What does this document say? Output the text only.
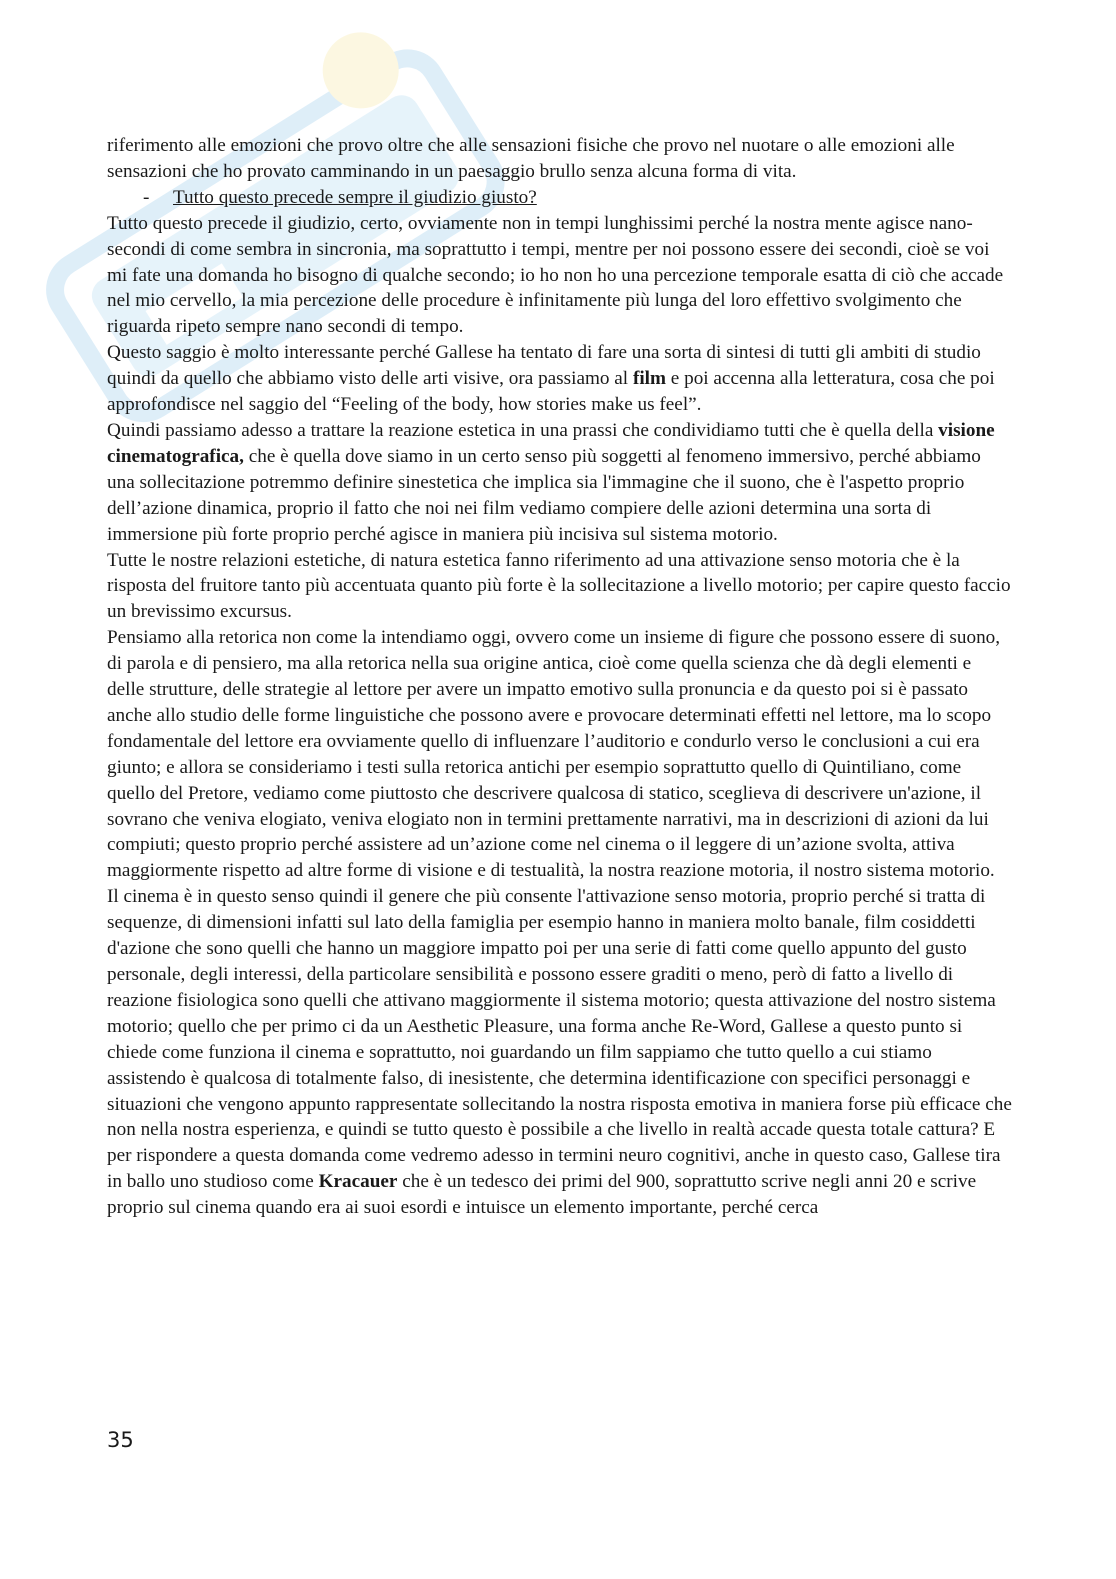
riferimento alle emozioni che provo oltre che alle sensazioni fisiche che provo nel nuotare o alle emozioni alle sensazioni che ho provato camminando in un paesaggio brullo senza alcuna forma di vita.

- Tutto questo precede sempre il giudizio giusto?

Tutto questo precede il giudizio, certo, ovviamente non in tempi lunghissimi perché la nostra mente agisce nano-secondi di come sembra in sincronia, ma soprattutto i tempi, mentre per noi possono essere dei secondi, cioè se voi mi fate una domanda ho bisogno di qualche secondo; io ho non ho una percezione temporale esatta di ciò che accade nel mio cervello, la mia percezione delle procedure è infinitamente più lunga del loro effettivo svolgimento che riguarda ripeto sempre nano secondi di tempo.

Questo saggio è molto interessante perché Gallese ha tentato di fare una sorta di sintesi di tutti gli ambiti di studio quindi da quello che abbiamo visto delle arti visive, ora passiamo al film e poi accenna alla letteratura, cosa che poi approfondisce nel saggio del “Feeling of the body, how stories make us feel”.

Quindi passiamo adesso a trattare la reazione estetica in una prassi che condividiamo tutti che è quella della visione cinematografica, che è quella dove siamo in un certo senso più soggetti al fenomeno immersivo, perché abbiamo una sollecitazione potremmo definire sinestetica che implica sia l'immagine che il suono, che è l'aspetto proprio dell’azione dinamica, proprio il fatto che noi nei film vediamo compiere delle azioni determina una sorta di immersione più forte proprio perché agisce in maniera più incisiva sul sistema motorio.

Tutte le nostre relazioni estetiche, di natura estetica fanno riferimento ad una attivazione senso motoria che è la risposta del fruitore tanto più accentuata quanto più forte è la sollecitazione a livello motorio; per capire questo faccio un brevissimo excursus.

Pensiamo alla retorica non come la intendiamo oggi, ovvero come un insieme di figure che possono essere di suono, di parola e di pensiero, ma alla retorica nella sua origine antica, cioè come quella scienza che dà degli elementi e delle strutture, delle strategie al lettore per avere un impatto emotivo sulla pronuncia e da questo poi si è passato anche allo studio delle forme linguistiche che possono avere e provocare determinati effetti nel lettore, ma lo scopo fondamentale del lettore era ovviamente quello di influenzare l’auditorio e condurlo verso le conclusioni a cui era giunto; e allora se consideriamo i testi sulla retorica antichi per esempio soprattutto quello di Quintiliano, come quello del Pretore, vediamo come piuttosto che descrivere qualcosa di statico, sceglieva di descrivere un'azione, il sovrano che veniva elogiato, veniva elogiato non in termini prettamente narrativi, ma in descrizioni di azioni da lui compiuti; questo proprio perché assistere ad un’azione come nel cinema o il leggere di un’azione svolta, attiva maggiormente rispetto ad altre forme di visione e di testualità, la nostra reazione motoria, il nostro sistema motorio.

Il cinema è in questo senso quindi il genere che più consente l'attivazione senso motoria, proprio perché si tratta di sequenze, di dimensioni infatti sul lato della famiglia per esempio hanno in maniera molto banale, film cosiddetti d'azione che sono quelli che hanno un maggiore impatto poi per una serie di fatti come quello appunto del gusto personale, degli interessi, della particolare sensibilità e possono essere graditi o meno, però di fatto a livello di reazione fisiologica sono quelli che attivano maggiormente il sistema motorio; questa attivazione del nostro sistema motorio; quello che per primo ci da un Aesthetic Pleasure, una forma anche Re-Word, Gallese a questo punto si chiede come funziona il cinema e soprattutto, noi guardando un film sappiamo che tutto quello a cui stiamo assistendo è qualcosa di totalmente falso, di inesistente, che determina identificazione con specifici personaggi e situazioni che vengono appunto rappresentate sollecitando la nostra risposta emotiva in maniera forse più efficace che non nella nostra esperienza, e quindi se tutto questo è possibile a che livello in realtà accade questa totale cattura? E per rispondere a questa domanda come vedremo adesso in termini neuro cognitivi, anche in questo caso, Gallese tira in ballo uno studioso come Kracauer che è un tedesco dei primi del 900, soprattutto scrive negli anni 20 e scrive proprio sul cinema quando era ai suoi esordi e intuisce un elemento importante, perché cerca

35
